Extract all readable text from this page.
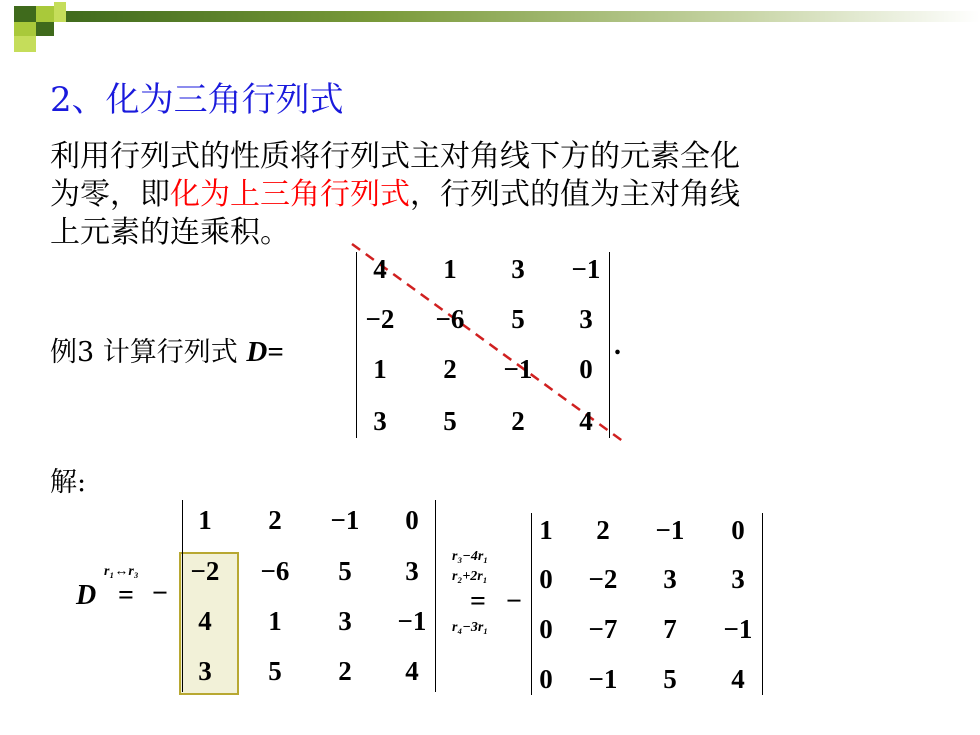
2、化为三角行列式
利用行列式的性质将行列式主对角线下方的元素全化
为零，即化为上三角行列式，行列式的值为主对角线
上元素的连乘积。
例3 计算行列式 D=	.
解:
D
r₁↔r₃
= −
r₃−4r₁
r₂+2r₁
= −
r₄−3r₁
4	1	3	−1
−2	−6	5	3
1	2	−1	0
3	5	2	4
1	2	−1	0
−2	−6	5	3
4	1	3	−1
3	5	2	4
1	2	−1	0
0	−2	3	3
0	−7	7	−1
0	−1	5	4
